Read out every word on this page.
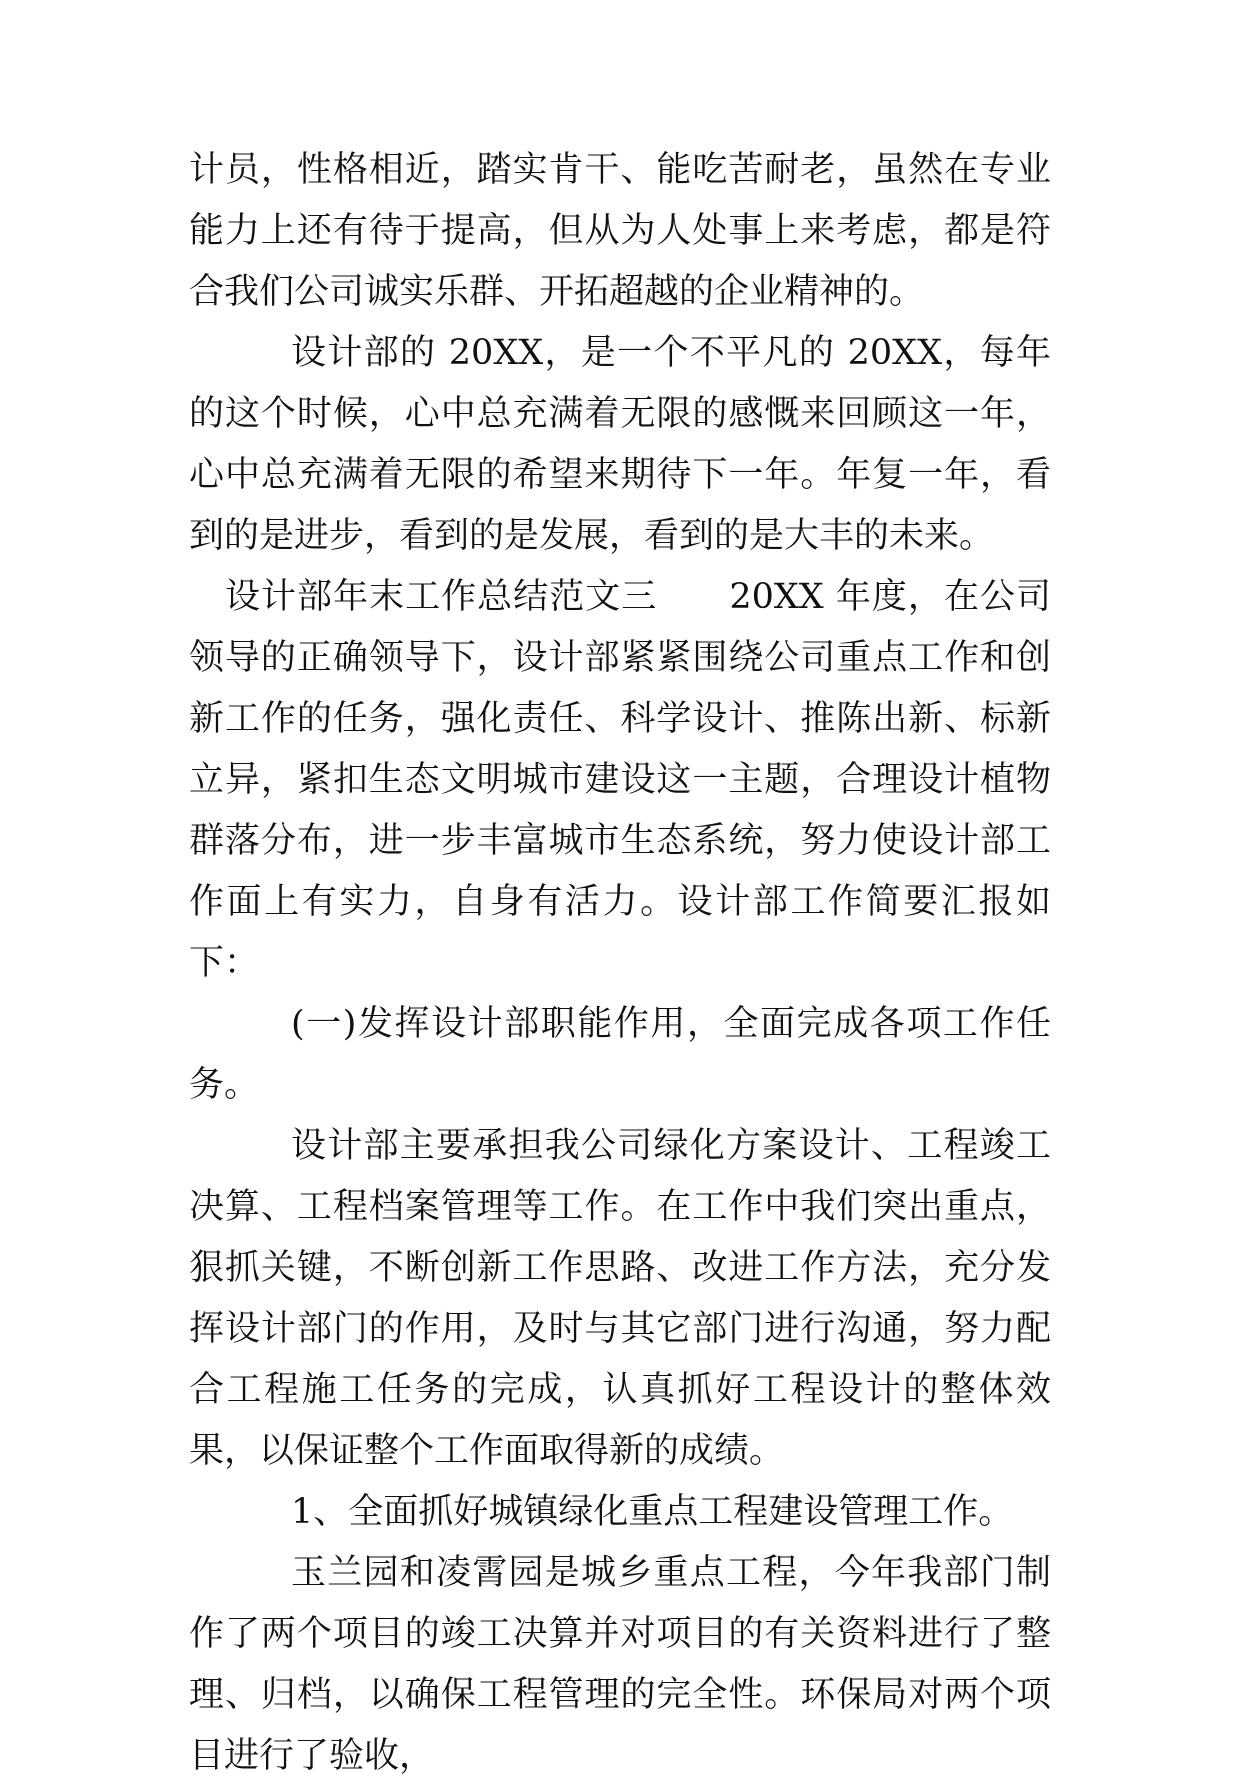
计员，性格相近，踏实肯干、能吃苦耐老，虽然在专业能力上还有待于提高，但从为人处事上来考虑，都是符合我们公司诚实乐群、开拓超越的企业精神的。

设计部的 20XX，是一个不平凡的 20XX，每年的这个时候，心中总充满着无限的感慨来回顾这一年，心中总充满着无限的希望来期待下一年。年复一年，看到的是进步，看到的是发展，看到的是大丰的未来。

设计部年末工作总结范文三　　20XX 年度，在公司领导的正确领导下，设计部紧紧围绕公司重点工作和创新工作的任务，强化责任、科学设计、推陈出新、标新立异，紧扣生态文明城市建设这一主题，合理设计植物群落分布，进一步丰富城市生态系统，努力使设计部工作面上有实力，自身有活力。设计部工作简要汇报如下：

(一)发挥设计部职能作用，全面完成各项工作任务。

设计部主要承担我公司绿化方案设计、工程竣工决算、工程档案管理等工作。在工作中我们突出重点，狠抓关键，不断创新工作思路、改进工作方法，充分发挥设计部门的作用，及时与其它部门进行沟通，努力配合工程施工任务的完成，认真抓好工程设计的整体效果，以保证整个工作面取得新的成绩。

1、全面抓好城镇绿化重点工程建设管理工作。

玉兰园和凌霄园是城乡重点工程，今年我部门制作了两个项目的竣工决算并对项目的有关资料进行了整理、归档，以确保工程管理的完全性。环保局对两个项目进行了验收，
